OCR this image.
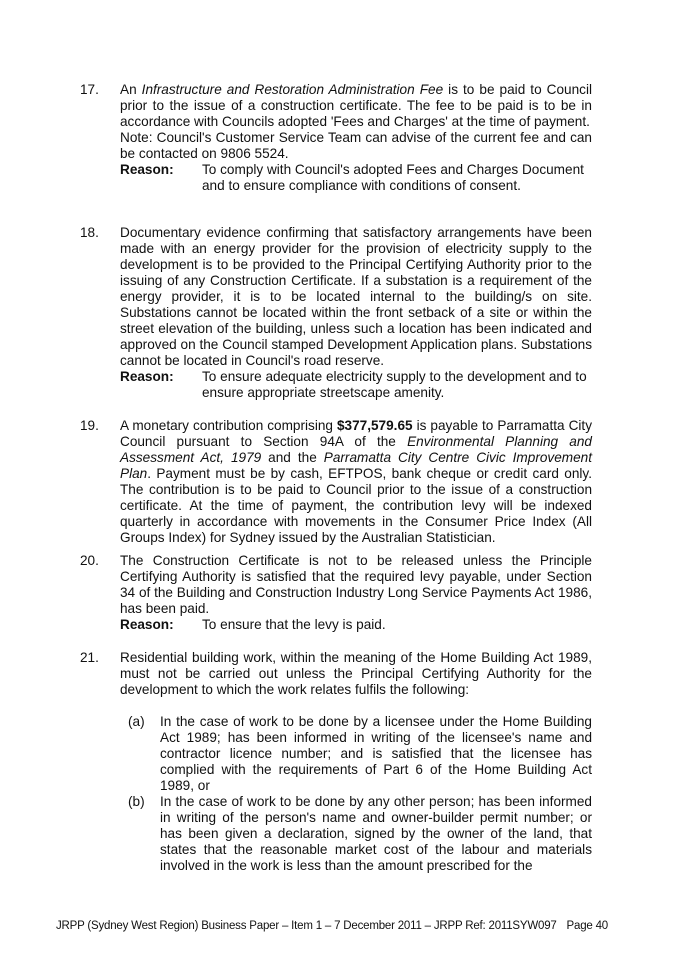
17.	An Infrastructure and Restoration Administration Fee is to be paid to Council prior to the issue of a construction certificate. The fee to be paid is to be in accordance with Councils adopted 'Fees and Charges' at the time of payment.

Note: Council's Customer Service Team can advise of the current fee and can be contacted on 9806 5524.

Reason:	To comply with Council's adopted Fees and Charges Document and to ensure compliance with conditions of consent.
18.	Documentary evidence confirming that satisfactory arrangements have been made with an energy provider for the provision of electricity supply to the development is to be provided to the Principal Certifying Authority prior to the issuing of any Construction Certificate. If a substation is a requirement of the energy provider, it is to be located internal to the building/s on site. Substations cannot be located within the front setback of a site or within the street elevation of the building, unless such a location has been indicated and approved on the Council stamped Development Application plans. Substations cannot be located in Council's road reserve.

Reason:	To ensure adequate electricity supply to the development and to ensure appropriate streetscape amenity.
19.	A monetary contribution comprising $377,579.65 is payable to Parramatta City Council pursuant to Section 94A of the Environmental Planning and Assessment Act, 1979 and the Parramatta City Centre Civic Improvement Plan. Payment must be by cash, EFTPOS, bank cheque or credit card only. The contribution is to be paid to Council prior to the issue of a construction certificate. At the time of payment, the contribution levy will be indexed quarterly in accordance with movements in the Consumer Price Index (All Groups Index) for Sydney issued by the Australian Statistician.

20.	The Construction Certificate is not to be released unless the Principle Certifying Authority is satisfied that the required levy payable, under Section 34 of the Building and Construction Industry Long Service Payments Act 1986, has been paid.

Reason:	To ensure that the levy is paid.
21.	Residential building work, within the meaning of the Home Building Act 1989, must not be carried out unless the Principal Certifying Authority for the development to which the work relates fulfils the following:

(a) In the case of work to be done by a licensee under the Home Building Act 1989; has been informed in writing of the licensee's name and contractor licence number; and is satisfied that the licensee has complied with the requirements of Part 6 of the Home Building Act 1989, or
(b) In the case of work to be done by any other person; has been informed in writing of the person's name and owner-builder permit number; or has been given a declaration, signed by the owner of the land, that states that the reasonable market cost of the labour and materials involved in the work is less than the amount prescribed for the
JRPP (Sydney West Region) Business Paper – Item 1 – 7 December 2011 – JRPP Ref: 2011SYW097 Page 40
